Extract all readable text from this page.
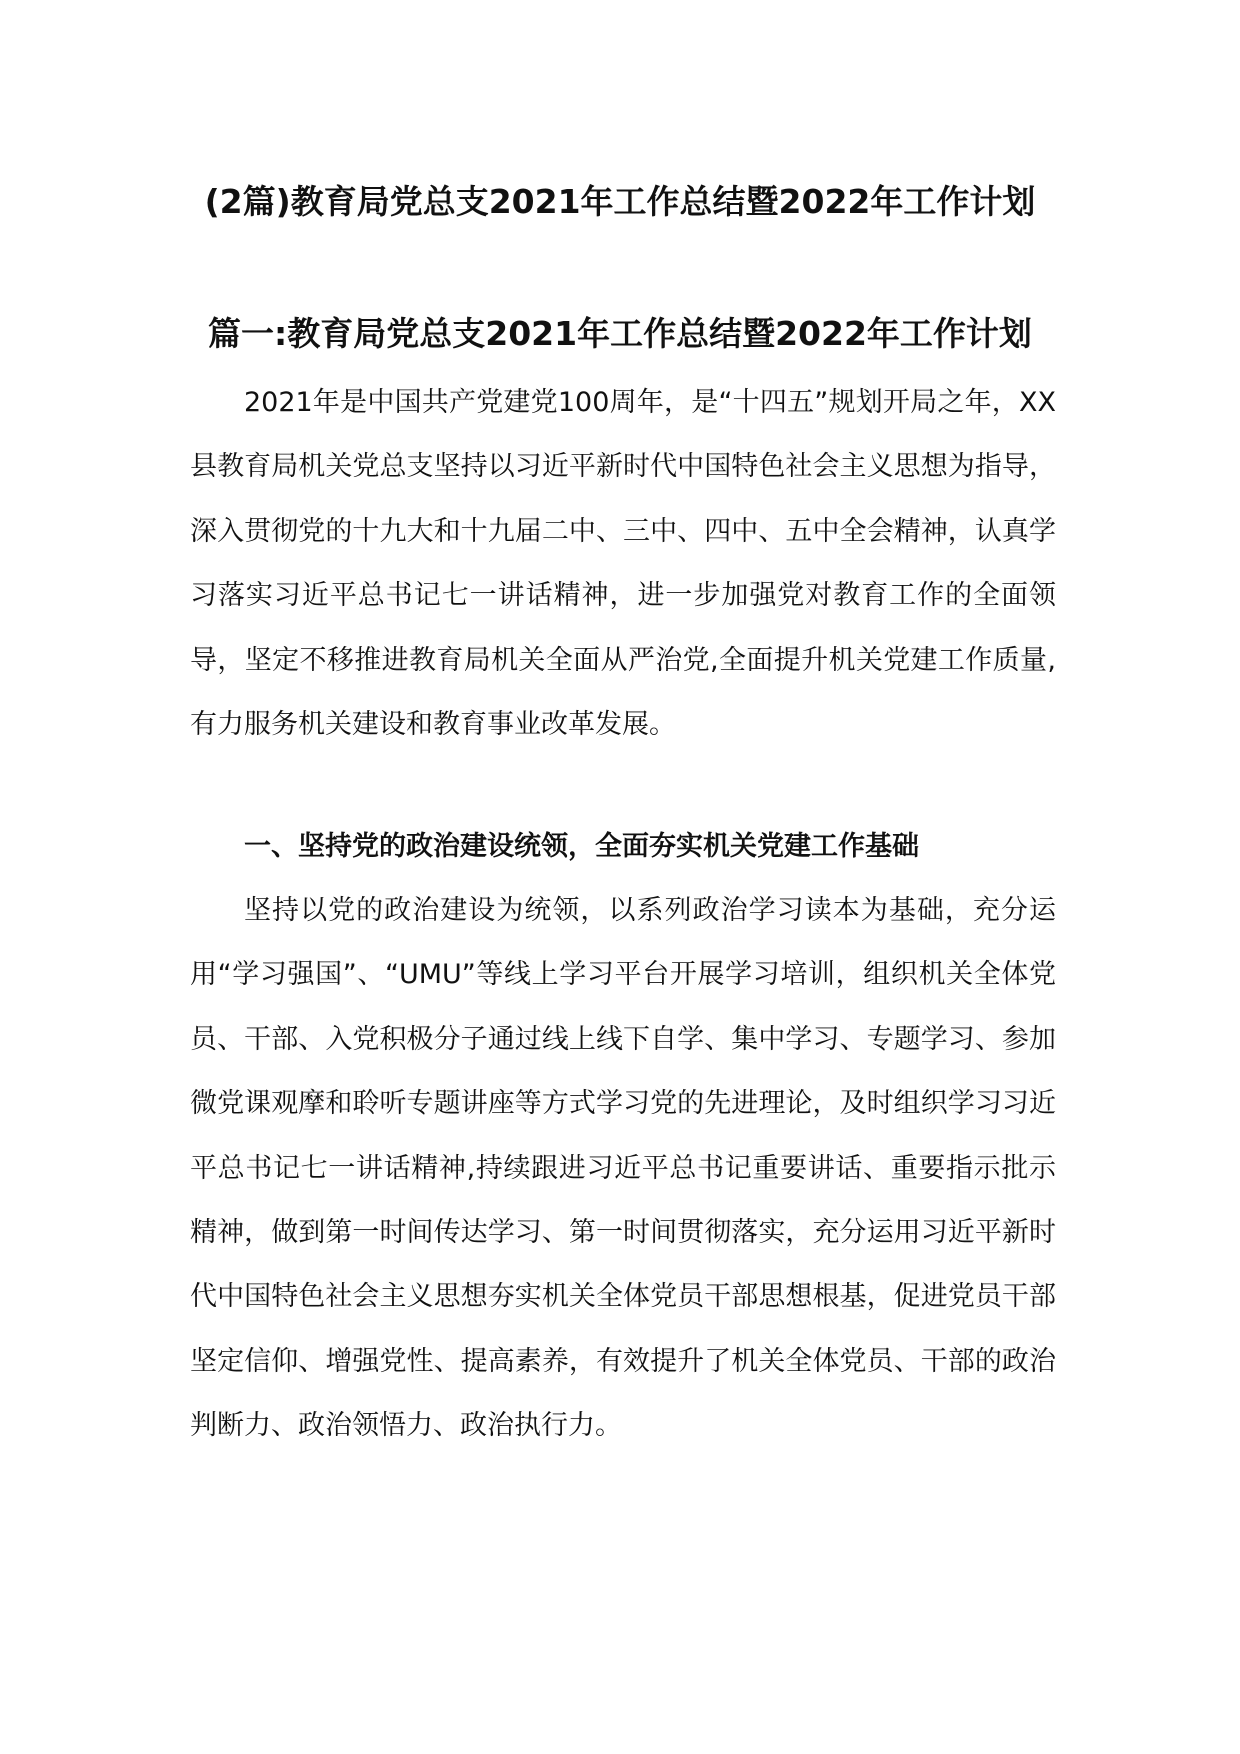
(2篇)教育局党总支2021年工作总结暨2022年工作计划
篇一:教育局党总支2021年工作总结暨2022年工作计划

2021年是中国共产党建党100周年，是“十四五”规划开局之年，XX县教育局机关党总支坚持以习近平新时代中国特色社会主义思想为指导，深入贯彻党的十九大和十九届二中、三中、四中、五中全会精神，认真学习落实习近平总书记七一讲话精神，进一步加强党对教育工作的全面领导，坚定不移推进教育局机关全面从严治党,全面提升机关党建工作质量,有力服务机关建设和教育事业改革发展。

一、坚持党的政治建设统领，全面夯实机关党建工作基础

坚持以党的政治建设为统领，以系列政治学习读本为基础，充分运用“学习强国”、“UMU”等线上学习平台开展学习培训，组织机关全体党员、干部、入党积极分子通过线上线下自学、集中学习、专题学习、参加微党课观摩和聆听专题讲座等方式学习党的先进理论，及时组织学习习近平总书记七一讲话精神,持续跟进习近平总书记重要讲话、重要指示批示精神，做到第一时间传达学习、第一时间贯彻落实，充分运用习近平新时代中国特色社会主义思想夯实机关全体党员干部思想根基，促进党员干部坚定信仰、增强党性、提高素养，有效提升了机关全体党员、干部的政治判断力、政治领悟力、政治执行力。
